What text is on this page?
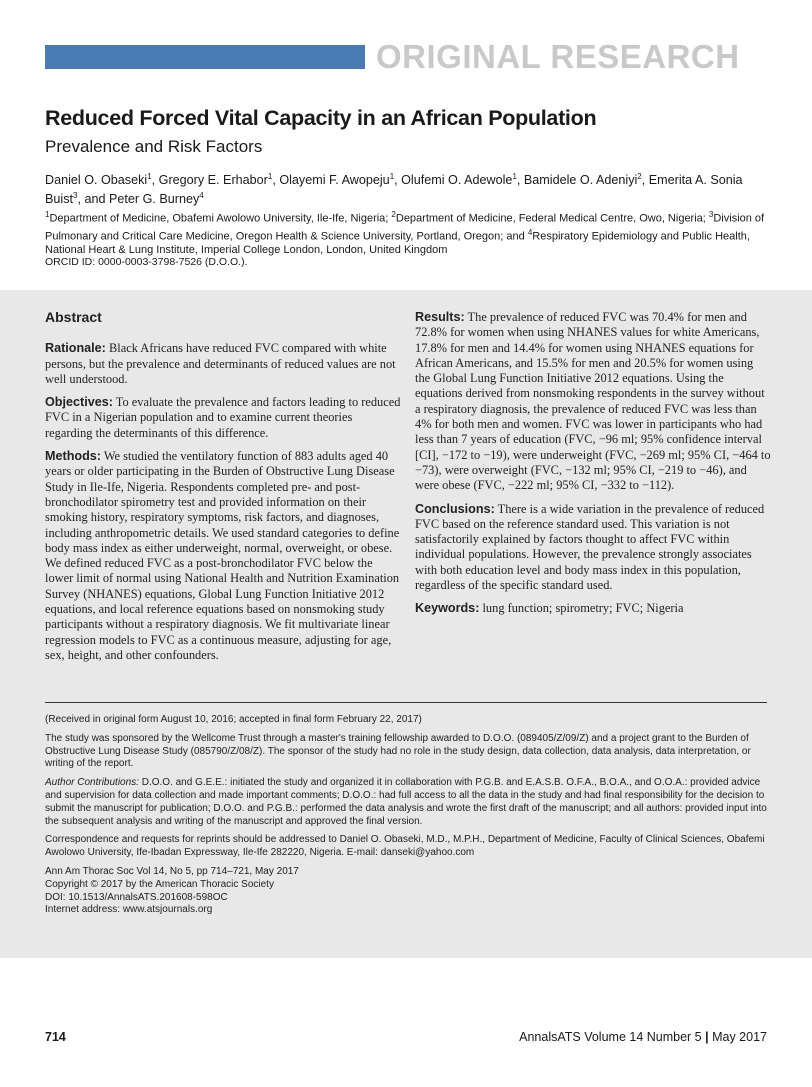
ORIGINAL RESEARCH
Reduced Forced Vital Capacity in an African Population
Prevalence and Risk Factors
Daniel O. Obaseki$^1$, Gregory E. Erhabor$^1$, Olayemi F. Awopeju$^1$, Olufemi O. Adewole$^1$, Bamidele O. Adeniyi$^2$, Emerita A. Sonia Buist$^3$, and Peter G. Burney$^4$
$^1$Department of Medicine, Obafemi Awolowo University, Ile-Ife, Nigeria; $^2$Department of Medicine, Federal Medical Centre, Owo, Nigeria; $^3$Division of Pulmonary and Critical Care Medicine, Oregon Health & Science University, Portland, Oregon; and $^4$Respiratory Epidemiology and Public Health, National Heart & Lung Institute, Imperial College London, London, United Kingdom
ORCID ID: 0000-0003-3798-7526 (D.O.O.).
Abstract

Rationale: Black Africans have reduced FVC compared with white persons, but the prevalence and determinants of reduced values are not well understood.

Objectives: To evaluate the prevalence and factors leading to reduced FVC in a Nigerian population and to examine current theories regarding the determinants of this difference.

Methods: We studied the ventilatory function of 883 adults aged 40 years or older participating in the Burden of Obstructive Lung Disease Study in Ile-Ife, Nigeria. Respondents completed pre- and post-bronchodilator spirometry test and provided information on their smoking history, respiratory symptoms, risk factors, and diagnoses, including anthropometric details. We used standard categories to define body mass index as either underweight, normal, overweight, or obese. We defined reduced FVC as a post-bronchodilator FVC below the lower limit of normal using National Health and Nutrition Examination Survey (NHANES) equations, Global Lung Function Initiative 2012 equations, and local reference equations based on nonsmoking study participants without a respiratory diagnosis. We fit multivariate linear regression models to FVC as a continuous measure, adjusting for age, sex, height, and other confounders.

Results: The prevalence of reduced FVC was 70.4% for men and 72.8% for women when using NHANES values for white Americans, 17.8% for men and 14.4% for women using NHANES equations for African Americans, and 15.5% for men and 20.5% for women using the Global Lung Function Initiative 2012 equations. Using the equations derived from nonsmoking respondents in the survey without a respiratory diagnosis, the prevalence of reduced FVC was less than 4% for both men and women. FVC was lower in participants who had less than 7 years of education (FVC, −96 ml; 95% confidence interval [CI], −172 to −19), were underweight (FVC, −269 ml; 95% CI, −464 to −73), were overweight (FVC, −132 ml; 95% CI, −219 to −46), and were obese (FVC, −222 ml; 95% CI, −332 to −112).

Conclusions: There is a wide variation in the prevalence of reduced FVC based on the reference standard used. This variation is not satisfactorily explained by factors thought to affect FVC within individual populations. However, the prevalence strongly associates with both education level and body mass index in this population, regardless of the specific standard used.

Keywords: lung function; spirometry; FVC; Nigeria

(Received in original form August 10, 2016; accepted in final form February 22, 2017)

The study was sponsored by the Wellcome Trust through a master's training fellowship awarded to D.O.O. (089405/Z/09/Z) and a project grant to the Burden of Obstructive Lung Disease Study (085790/Z/08/Z). The sponsor of the study had no role in the study design, data collection, data analysis, data interpretation, or writing of the report.

Author Contributions: D.O.O. and G.E.E.: initiated the study and organized it in collaboration with P.G.B. and E.A.S.B. O.F.A., B.O.A., and O.O.A.: provided advice and supervision for data collection and made important comments; D.O.O.: had full access to all the data in the study and had final responsibility for the decision to submit the manuscript for publication; D.O.O. and P.G.B.: performed the data analysis and wrote the first draft of the manuscript; and all authors: provided input into the subsequent analysis and writing of the manuscript and approved the final version.

Correspondence and requests for reprints should be addressed to Daniel O. Obaseki, M.D., M.P.H., Department of Medicine, Faculty of Clinical Sciences, Obafemi Awolowo University, Ife-Ibadan Expressway, Ile-Ife 282220, Nigeria. E-mail: danseki@yahoo.com

Ann Am Thorac Soc Vol 14, No 5, pp 714–721, May 2017
Copyright © 2017 by the American Thoracic Society
DOI: 10.1513/AnnalsATS.201608-598OC
Internet address: www.atsjournals.org
714	AnnalsATS Volume 14 Number 5 | May 2017
